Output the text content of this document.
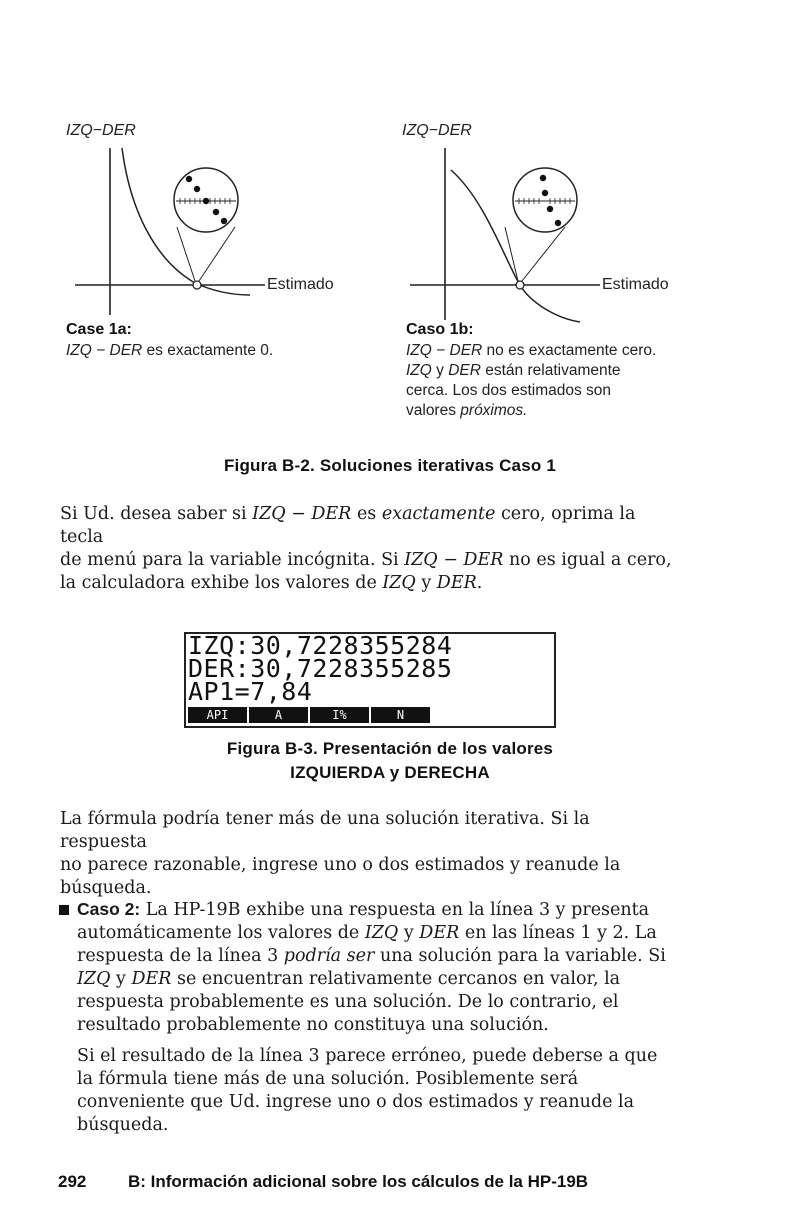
IZQ−DER
Estimado
Case 1a:
IZQ − DER es exactamente 0.
IZQ−DER
Estimado
Caso 1b:
IZQ − DER no es exactamente cero.
IZQ y DER están relativamente
cerca. Los dos estimados son
valores próximos.
Figura B-2. Soluciones iterativas Caso 1
Si Ud. desea saber si IZQ − DER es exactamente cero, oprima la tecla
de menú para la variable incógnita. Si IZQ − DER no es igual a cero,
la calculadora exhibe los valores de IZQ y DER.
IZQ:30,7228355284
DER:30,7228355285
AP1=7,84
API	A	I%	N
Figura B-3. Presentación de los valores
IZQUIERDA y DERECHA
La fórmula podría tener más de una solución iterativa. Si la respuesta
no parece razonable, ingrese uno o dos estimados y reanude la
búsqueda.
Caso 2: La HP-19B exhibe una respuesta en la línea 3 y presenta
automáticamente los valores de IZQ y DER en las líneas 1 y 2. La
respuesta de la línea 3 podría ser una solución para la variable. Si
IZQ y DER se encuentran relativamente cercanos en valor, la
respuesta probablemente es una solución. De lo contrario, el
resultado probablemente no constituya una solución.
Si el resultado de la línea 3 parece erróneo, puede deberse a que
la fórmula tiene más de una solución. Posiblemente será
conveniente que Ud. ingrese uno o dos estimados y reanude la
búsqueda.
292 B: Información adicional sobre los cálculos de la HP-19B
